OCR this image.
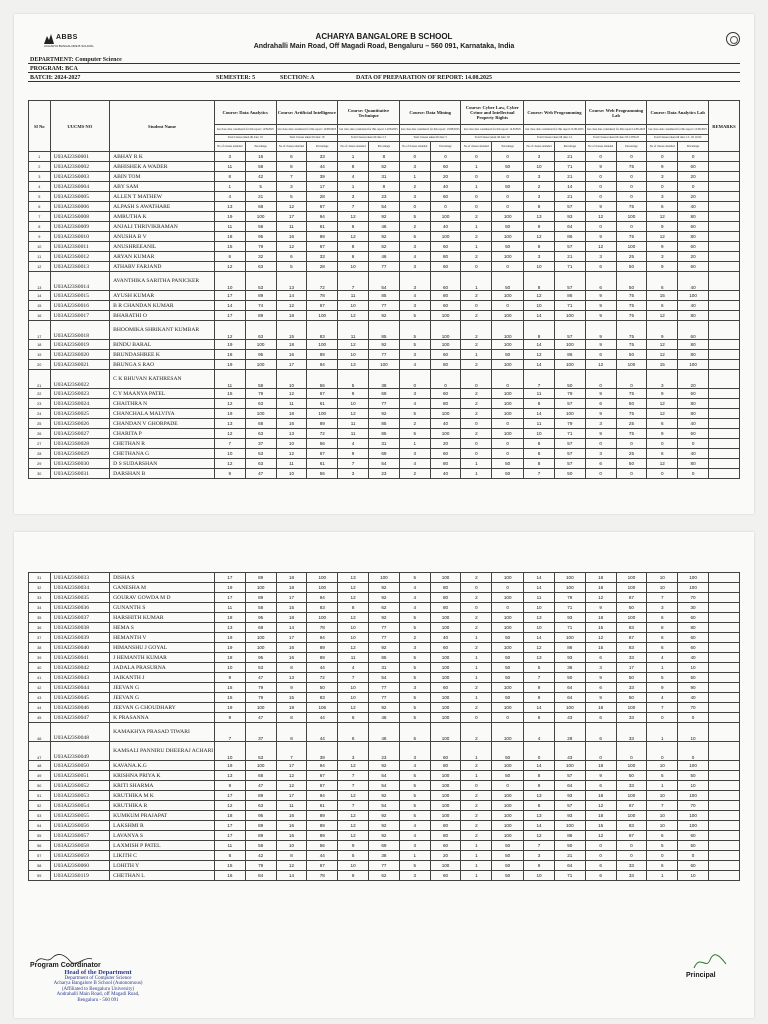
ABBS
ACHARYA BANGALORE B SCHOOL
ACHARYA BANGALORE B SCHOOL
Andrahalli Main Road, Off Magadi Road, Bengaluru – 560 091, Karnataka, India
DEPARTMENT: Computer Science
PROGRAM: BCA
BATCH: 2024-2027	SEMESTER: 5	SECTION: A	DATA OF PREPARATION OF REPORT: 14.08.2025
Sl No	UUCMS NO	Student Name	Course: Data Analytics		Course: Artificial Intelligence		Course: Quantitative Technique		Course: Data Mining		Course: Cyber Law, Cyber Crime and Intellectual Property Rights		Course: Web Programming		Course: Web Programming Lab		Course: Data Analytics Lab		REMARKS
			last class date considered for this report: 12/8/2025		last class date considered for this report: 14/08/2025		last class date considered for this report: 14.08.2025		last class date considered for this report: 13/08/2025		last class date considered for this report: 14.8/2025		last class date considered for this report:13-08-2025		last class date considered for this report:14-08-2025		last class date considered for this report: 13.08.2025		
			Total Classes taken till date: 19		Total Classes taken till date: 18		Total Classes taken till date: 13		Total Classes taken till date: 5		Total Classes taken till date: 02		Total Classes taken till date: 14		Total Classes taken till date: 03-13/08-25		Total Classes taken till date: 13- 10/ 10-02		
			No of classes attended	Percentage	No of classes attended	Percentage	No of classes attended	Percentage	No of classes attended	Percentage	No of classes attended	Percentage	No of classes attended	Percentage	No of classes attended	Percentage	No of classes attended	Percentage	
1	U03AI23S0001	ABHAY R K	3	16	6	33	1	8	0	0	0	0	3	21	0	0	0	0	
2	U03AI23S0002	ABHISHEK A WADER	11	58	8	44	8	62	3	60	1	50	10	71	9	75	9	60	
3	U03AI23S0003	ABIN TOM	8	42	7	39	4	31	1	20	0	0	3	21	0	0	3	20	
4	U03AI23S0004	ABY SAM	1	5	3	17	1	8	2	40	1	50	2	14	0	0	0	0	
5	U03AI23S0005	ALLEN T MATHEW	4	21	5	28	3	23	3	60	0	0	3	21	0	0	3	20	
6	U03AI23S0006	ALPASH S AWATHARE	13	68	12	67	7	54	0	0	0	0	8	57	9	75	6	40	
7	U03AI23S0008	AMRUTHA K	19	100	17	94	12	92	5	100	2	100	13	93	12	100	12	80	
8	U03AI23S0009	ANJALI THRIVIKRAMAN	11	58	11	61	6	46	2	40	1	50	9	64	0	0	9	60	
9	U03AI23S0010	ANUSHA B V	18	95	16	89	12	92	5	100	2	100	12	86	9	75	12	80	
10	U03AI23S0011	ANUSHREEANIL	15	79	12	67	8	62	3	60	1	50	8	57	12	100	9	60	
11	U03AI23S0012	ARYAN KUMAR	6	32	6	33	6	46	4	80	2	100	3	21	3	25	3	20	
12	U03AI23S0013	ATHARV FARJAND	12	63	5	28	10	77	3	60	0	0	10	71	6	50	9	60	
13	U03AI23S0014	AVANTHIKA SARITHA PANICKER	10	53	13	72	7	54	3	60	1	50	8	57	6	50	6	40	
14	U03AI23S0015	AYUSH KUMAR	17	89	14	78	11	85	4	80	2	100	12	86	9	75	15	100	
15	U03AI23S0016	B R CHANDAN KUMAR	14	74	12	67	10	77	3	60	0	0	10	71	9	75	6	40	
16	U03AI23S0017	BHARATHI O	17	89	18	100	12	92	5	100	2	100	14	100	9	75	12	80	
17	U03AI23S0018	BHOOMIKA SHRIKANT KUMBAR	12	63	15	83	11	85	5	100	2	100	8	57	9	75	9	60	
18	U03AI23S0019	BINDU BARAL	19	100	18	100	12	92	5	100	2	100	14	100	9	75	12	80	
19	U03AI23S0020	BRUNDASHREE K	18	95	16	89	10	77	3	60	1	50	12	86	6	50	12	80	
20	U03AI23S0021	BRUNGA S RAO	19	100	17	94	13	100	4	80	2	100	14	100	12	100	15	100	
21	U03AI23S0022	C K BHUVAN KATHRESAN	11	58	10	56	5	38	0	0	0	0	7	50	0	0	3	20	
22	U03AI23S0023	C Y MAANYA PATEL	15	79	12	67	9	69	3	60	2	100	11	79	9	75	9	60	
23	U03AI23S0024	CHAITHRA N	12	63	11	61	10	77	4	80	2	100	8	57	6	50	12	80	
24	U03AI23S0025	CHANCHALA MALVIYA	19	100	18	100	12	92	5	100	2	100	14	100	9	75	12	80	
25	U03AI23S0026	CHANDAN V GHORPADE	13	68	16	89	11	85	2	40	0	0	11	79	3	25	6	40	
26	U03AI23S0027	CHARITA P	12	63	13	72	11	85	5	100	2	100	10	71	9	75	9	60	
27	U03AI23S0028	CHETHAN R	7	37	10	56	4	31	1	20	0	0	8	57	0	0	0	0	
28	U03AI23S0029	CHETHANA G	10	53	12	67	9	69	3	60	0	0	8	57	3	25	6	40	
29	U03AI23S0030	D S SUDARSHAN	12	63	11	61	7	54	4	80	1	50	8	57	6	50	12	80	
30	U03AI23S0031	DARSHAN B	9	47	10	56	3	23	2	40	1	50	7	50	0	0	0	0	
31	U03AI23S0033	DISHA S	17	89	18	100	13	100	5	100	2	100	14	100	18	100	10	100	
32	U03AI23S0034	GANESHA M	19	100	18	100	12	92	4	80	0	0	14	100	18	100	10	100	
33	U03AI23S0035	GOURAV GOWDA M D	17	89	17	94	12	92	4	80	2	100	11	79	12	67	7	70	
34	U03AI23S0036	GUNANTH S	11	58	15	83	8	62	4	80	0	0	10	71	9	50	3	30	
35	U03AI23S0037	HARSHITH KUMAR	18	95	18	100	12	92	5	100	2	100	13	93	18	100	6	60	
36	U03AI23S0038	HEMA S	13	68	14	78	10	77	5	100	2	100	10	71	15	83	8	80	
37	U03AI23S0039	HEMANTH V	19	100	17	94	10	77	2	40	1	50	14	100	12	67	6	60	
38	U03AI23S0040	HIMANSHU J GOYAL	19	100	16	89	12	92	3	60	2	100	12	86	15	83	6	60	
39	U03AI23S0041	J HEMANTH KUMAR	18	95	16	89	11	85	5	100	1	50	13	93	6	33	4	40	
40	U03AI23S0042	JADALA PRASURNA	10	53	8	44	4	31	5	100	1	50	5	36	3	17	1	10	
41	U03AI23S0043	JAIKANTH J	9	47	13	72	7	54	5	100	1	50	7	50	9	50	5	50	
42	U03AI23S0044	JEEVAN G	15	79	9	50	10	77	3	60	2	100	9	64	6	33	9	90	
43	U03AI23S0045	JEEVAN G	15	79	15	83	10	77	5	100	1	50	9	64	9	50	4	40	
44	U03AI23S0046	JEEVAN G CHOUDHARY	19	100	19	106	12	92	5	100	2	100	14	100	18	100	7	70	
45	U03AI23S0047	K PRASANNA	9	47	8	44	6	46	5	100	0	0	6	43	6	33	0	0	
46	U03AI23S0048	KAMAKHYA PRASAD TIWARI	7	37	8	44	6	46	5	100	2	100	4	29	6	33	1	10	
47	U03AI23S0049	KAMSALI PANNIRU DHEERAJ ACHARI	10	53	7	39	3	23	3	60	1	50	0	43	0	0	0	0	
48	U03AI23S0050	KAVANA.K.G	19	100	17	94	12	92	4	80	2	100	14	100	18	100	10	100	
49	U03AI23S0051	KRISHNA PRIYA K	13	68	12	67	7	54	5	100	1	50	8	57	9	50	5	50	
50	U03AI23S0052	KRITI SHARMA	9	47	12	67	7	54	5	100	0	0	9	64	6	33	1	10	
51	U03AI23S0053	KRUTHIKA M K	17	89	17	94	12	92	5	100	2	100	13	93	18	100	10	100	
52	U03AI23S0054	KRUTHIKA R	12	63	11	61	7	54	5	100	2	100	8	57	12	67	7	70	
53	U03AI23S0055	KUMKUM PRAJAPAT	18	95	16	89	12	92	5	100	2	100	13	93	18	100	10	100	
54	U03AI23S0056	LAKSHMI R	17	89	16	89	12	92	4	80	2	100	14	100	15	83	10	100	
55	U03AI23S0057	LAVANYA S	17	89	16	89	12	92	4	80	2	100	12	86	12	67	6	60	
56	U03AI23S0058	LAXMISH P PATEL	11	58	10	56	9	69	3	60	1	50	7	50	0	0	5	50	
57	U03AI23S0059	LIKITH C	8	42	8	44	5	38	1	20	1	50	3	21	0	0	0	0	
58	U03AI23S0060	LOHITH Y	15	79	12	67	10	77	5	100	1	50	9	64	6	33	6	60	
59	U03AI23S0119	CHETHAN L	16	84	14	78	8	62	3	60	1	50	10	71	6	33	1	10	
Program Coordinator
Head of the Department
Department of Computer Science
Acharya Bangalore B School (Autonomous)
(Affiliated to Bengaluru University)
Andrahalli Main Road, off Magadi Road,
Bengaluru - 560 091
Principal
